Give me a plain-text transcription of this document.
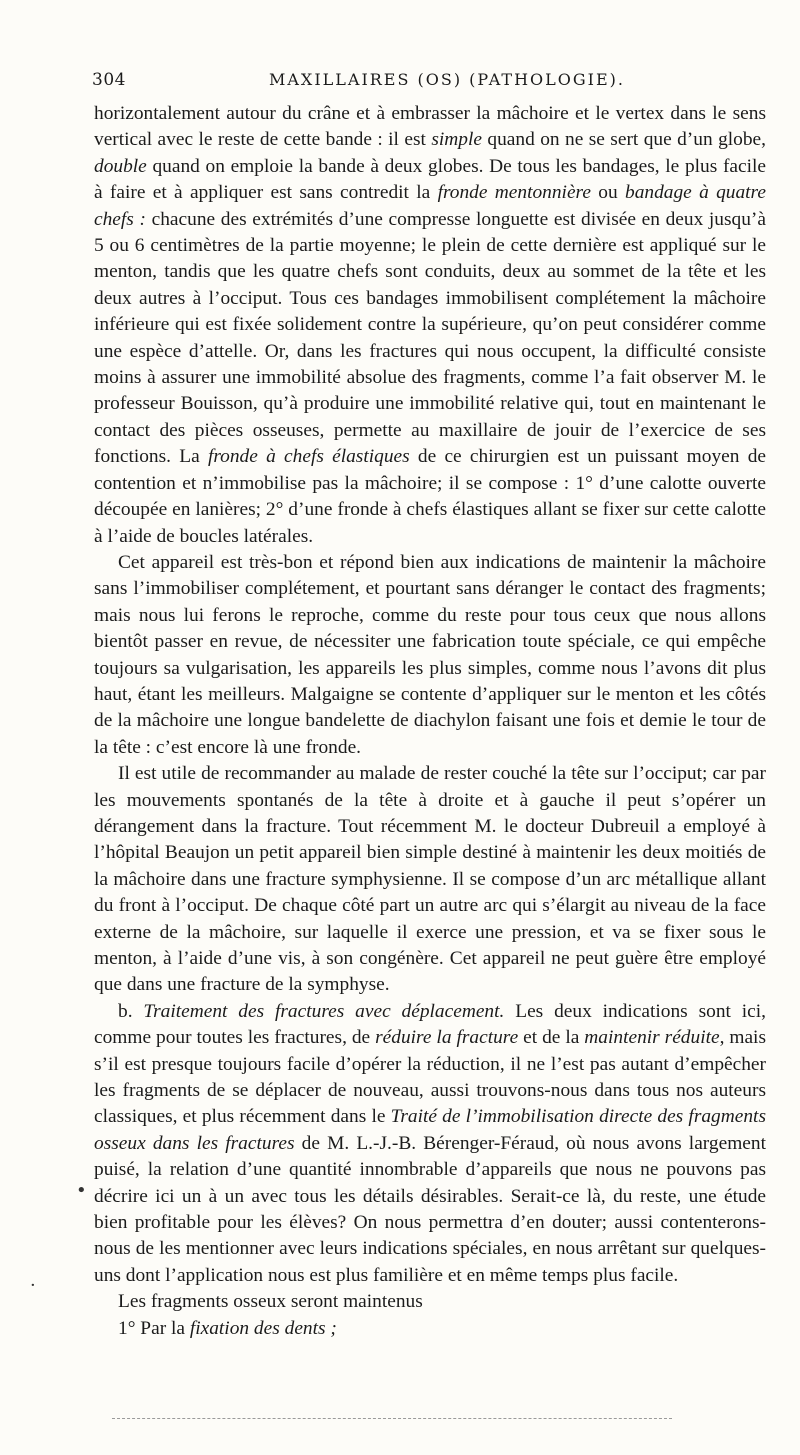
304	MAXILLAIRES (OS) (PATHOLOGIE).

horizontalement autour du crâne et à embrasser la mâchoire et le vertex dans le sens vertical avec le reste de cette bande : il est simple quand on ne se sert que d’un globe, double quand on emploie la bande à deux globes. De tous les bandages, le plus facile à faire et à appliquer est sans contredit la fronde mentonnière ou bandage à quatre chefs : chacune des extrémités d’une compresse longuette est divisée en deux jusqu’à 5 ou 6 centimètres de la partie moyenne; le plein de cette dernière est appliqué sur le menton, tandis que les quatre chefs sont conduits, deux au sommet de la tête et les deux autres à l’occiput. Tous ces bandages immobilisent complétement la mâchoire inférieure qui est fixée solidement contre la supérieure, qu’on peut considérer comme une espèce d’attelle. Or, dans les fractures qui nous occupent, la difficulté consiste moins à assurer une immobilité absolue des fragments, comme l’a fait observer M. le professeur Bouisson, qu’à produire une immobilité relative qui, tout en maintenant le contact des pièces osseuses, permette au maxillaire de jouir de l’exercice de ses fonctions. La fronde à chefs élastiques de ce chirurgien est un puissant moyen de contention et n’immobilise pas la mâchoire; il se compose : 1° d’une calotte ouverte découpée en lanières; 2° d’une fronde à chefs élastiques allant se fixer sur cette calotte à l’aide de boucles latérales.

Cet appareil est très-bon et répond bien aux indications de maintenir la mâchoire sans l’immobiliser complétement, et pourtant sans déranger le contact des fragments; mais nous lui ferons le reproche, comme du reste pour tous ceux que nous allons bientôt passer en revue, de nécessiter une fabrication toute spéciale, ce qui empêche toujours sa vulgarisation, les appareils les plus simples, comme nous l’avons dit plus haut, étant les meilleurs. Malgaigne se contente d’appliquer sur le menton et les côtés de la mâchoire une longue bandelette de diachylon faisant une fois et demie le tour de la tête : c’est encore là une fronde.

Il est utile de recommander au malade de rester couché la tête sur l’occiput; car par les mouvements spontanés de la tête à droite et à gauche il peut s’opérer un dérangement dans la fracture. Tout récemment M. le docteur Dubreuil a employé à l’hôpital Beaujon un petit appareil bien simple destiné à maintenir les deux moitiés de la mâchoire dans une fracture symphysienne. Il se compose d’un arc métallique allant du front à l’occiput. De chaque côté part un autre arc qui s’élargit au niveau de la face externe de la mâchoire, sur laquelle il exerce une pression, et va se fixer sous le menton, à l’aide d’une vis, à son congénère. Cet appareil ne peut guère être employé que dans une fracture de la symphyse.

b. Traitement des fractures avec déplacement. Les deux indications sont ici, comme pour toutes les fractures, de réduire la fracture et de la maintenir réduite, mais s’il est presque toujours facile d’opérer la réduction, il ne l’est pas autant d’empêcher les fragments de se déplacer de nouveau, aussi trouvons-nous dans tous nos auteurs classiques, et plus récemment dans le Traité de l’immobilisation directe des fragments osseux dans les fractures de M. L.-J.-B. Bérenger-Féraud, où nous avons largement puisé, la relation d’une quantité innombrable d’appareils que nous ne pouvons pas décrire ici un à un avec tous les détails désirables. Serait-ce là, du reste, une étude bien profitable pour les élèves? On nous permettra d’en douter; aussi contenterons-nous de les mentionner avec leurs indications spéciales, en nous arrêtant sur quelques-uns dont l’application nous est plus familière et en même temps plus facile.

Les fragments osseux seront maintenus

1° Par la fixation des dents ;

•
·
